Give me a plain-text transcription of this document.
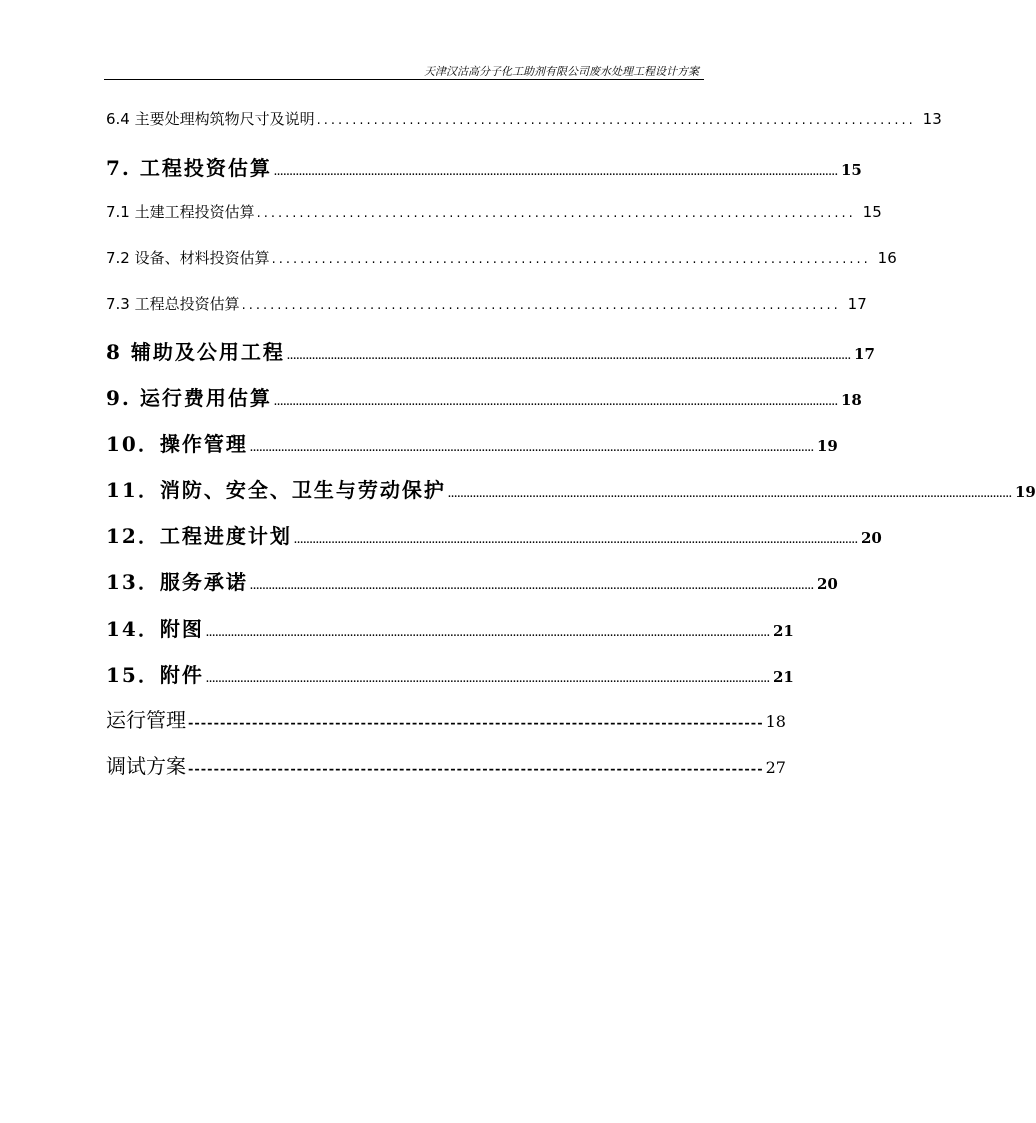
天津汉沽高分子化工助剂有限公司废水处理工程设计方案
6.4 主要处理构筑物尺寸及说明 .................................................................................... 13
7. 工程投资估算 .................................................................................................................................................................................... 15
7.1 土建工程投资估算 .................................................................................... 15
7.2 设备、材料投资估算 .................................................................................... 16
7.3 工程总投资估算 .................................................................................... 17
8 辅助及公用工程 .................................................................................................................................................................................... 17
9. 运行费用估算 .................................................................................................................................................................................... 18
10．操作管理 .................................................................................................................................................................................... 19
11．消防、安全、卫生与劳动保护 .................................................................................................................................................................................... 19
12．工程进度计划 .................................................................................................................................................................................... 20
13．服务承诺 .................................................................................................................................................................................... 20
14．附图 .................................................................................................................................................................................... 21
15．附件 .................................................................................................................................................................................... 21
运行管理 ------------------------------------------------------------------------------------------ 18
调试方案 ------------------------------------------------------------------------------------------ 27
